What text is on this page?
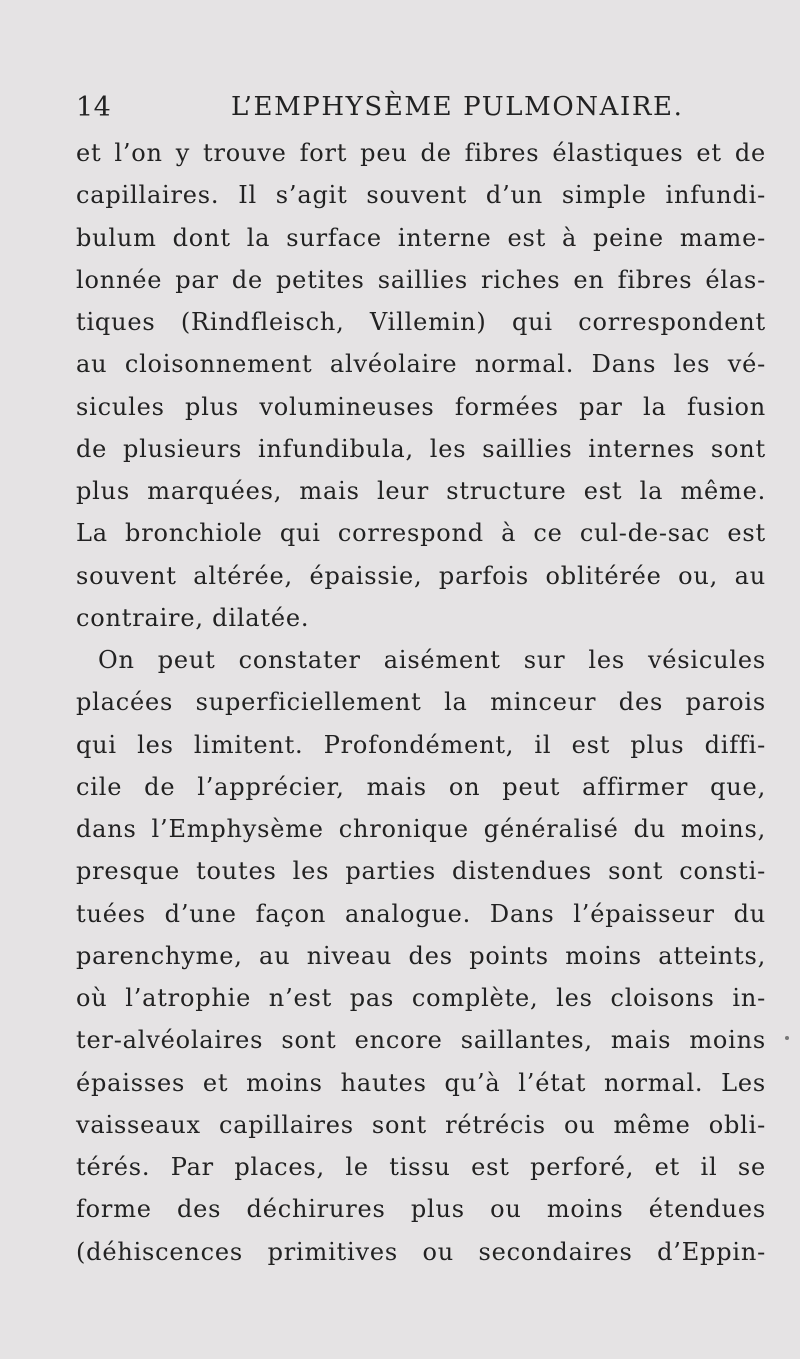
14	L’EMPHYSÈME PULMONAIRE.
et l’on y trouve fort peu de fibres élastiques et de
capillaires. Il s’agit souvent d’un simple infundi-
bulum dont la surface interne est à peine mame-
lonnée par de petites saillies riches en fibres élas-
tiques (Rindfleisch, Villemin) qui correspondent
au cloisonnement alvéolaire normal. Dans les vé-
sicules plus volumineuses formées par la fusion
de plusieurs infundibula, les saillies internes sont
plus marquées, mais leur structure est la même.
La bronchiole qui correspond à ce cul-de-sac est
souvent altérée, épaissie, parfois oblitérée ou, au
contraire, dilatée.
On peut constater aisément sur les vésicules
placées superficiellement la minceur des parois
qui les limitent. Profondément, il est plus diffi-
cile de l’apprécier, mais on peut affirmer que,
dans l’Emphysème chronique généralisé du moins,
presque toutes les parties distendues sont consti-
tuées d’une façon analogue. Dans l’épaisseur du
parenchyme, au niveau des points moins atteints,
où l’atrophie n’est pas complète, les cloisons in-
ter-alvéolaires sont encore saillantes, mais moins
épaisses et moins hautes qu’à l’état normal. Les
vaisseaux capillaires sont rétrécis ou même obli-
térés. Par places, le tissu est perforé, et il se
forme des déchirures plus ou moins étendues
(déhiscences primitives ou secondaires d’Eppin-
